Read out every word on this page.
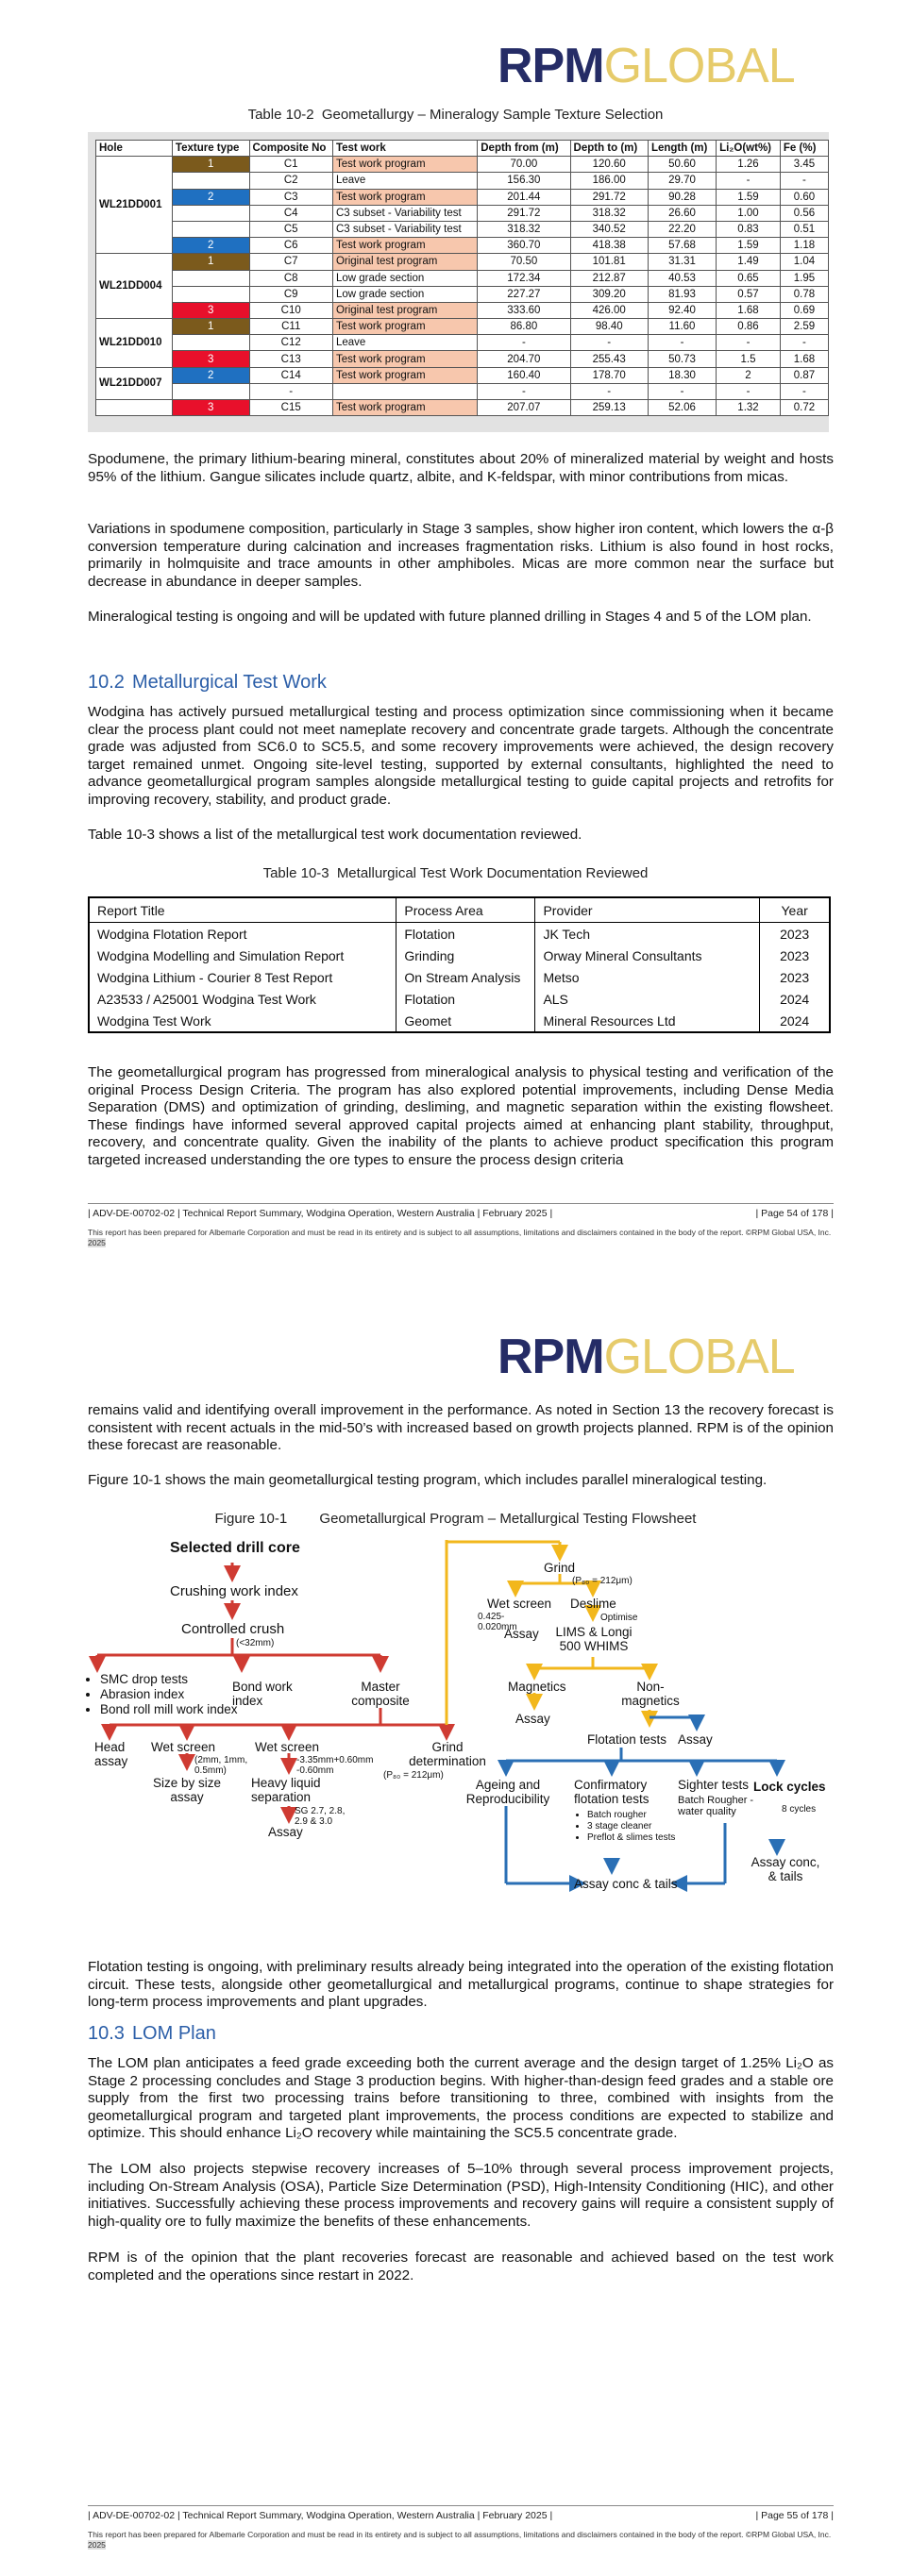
RPMGLOBAL
Table 10-2 Geometallurgy – Mineralogy Sample Texture Selection
Hole	Texture type	Composite No	Test work	Depth from (m)	Depth to (m)	Length (m)	Li₂O(wt%)	Fe (%)
WL21DD001	1	C1	Test work program	70.00	120.60	50.60	1.26	3.45
		C2	Leave	156.30	186.00	29.70	-	-
	2	C3	Test work program	201.44	291.72	90.28	1.59	0.60
		C4	C3 subset - Variability test	291.72	318.32	26.60	1.00	0.56
		C5	C3 subset - Variability test	318.32	340.52	22.20	0.83	0.51
	2	C6	Test work program	360.70	418.38	57.68	1.59	1.18
WL21DD004	1	C7	Original test program	70.50	101.81	31.31	1.49	1.04
		C8	Low grade section	172.34	212.87	40.53	0.65	1.95
		C9	Low grade section	227.27	309.20	81.93	0.57	0.78
	3	C10	Original test program	333.60	426.00	92.40	1.68	0.69
WL21DD010	1	C11	Test work program	86.80	98.40	11.60	0.86	2.59
		C12	Leave	-	-	-	-	-
	3	C13	Test work program	204.70	255.43	50.73	1.5	1.68
WL21DD007	2	C14	Test work program	160.40	178.70	18.30	2	0.87
		-		-	-	-	-	-
	3	C15	Test work program	207.07	259.13	52.06	1.32	0.72

Spodumene, the primary lithium-bearing mineral, constitutes about 20% of mineralized material by weight and hosts 95% of the lithium. Gangue silicates include quartz, albite, and K-feldspar, with minor contributions from micas.

Variations in spodumene composition, particularly in Stage 3 samples, show higher iron content, which lowers the α-β conversion temperature during calcination and increases fragmentation risks. Lithium is also found in host rocks, primarily in holmquisite and trace amounts in other amphiboles. Micas are more common near the surface but decrease in abundance in deeper samples.

Mineralogical testing is ongoing and will be updated with future planned drilling in Stages 4 and 5 of the LOM plan.

10.2 Metallurgical Test Work

Wodgina has actively pursued metallurgical testing and process optimization since commissioning when it became clear the process plant could not meet nameplate recovery and concentrate grade targets. Although the concentrate grade was adjusted from SC6.0 to SC5.5, and some recovery improvements were achieved, the design recovery target remained unmet. Ongoing site-level testing, supported by external consultants, highlighted the need to advance geometallurgical program samples alongside metallurgical testing to guide capital projects and retrofits for improving recovery, stability, and product grade.

Table 10-3 shows a list of the metallurgical test work documentation reviewed.

Table 10-3 Metallurgical Test Work Documentation Reviewed
Report Title	Process Area	Provider	Year
Wodgina Flotation Report	Flotation	JK Tech	2023
Wodgina Modelling and Simulation Report	Grinding	Orway Mineral Consultants	2023
Wodgina Lithium - Courier 8 Test Report	On Stream Analysis	Metso	2023
A23533 / A25001 Wodgina Test Work	Flotation	ALS	2024
Wodgina Test Work	Geomet	Mineral Resources Ltd	2024

The geometallurgical program has progressed from mineralogical analysis to physical testing and verification of the original Process Design Criteria. The program has also explored potential improvements, including Dense Media Separation (DMS) and optimization of grinding, desliming, and magnetic separation within the existing flowsheet. These findings have informed several approved capital projects aimed at enhancing plant stability, throughput, recovery, and concentrate quality. Given the inability of the plants to achieve product specification this program targeted increased understanding the ore types to ensure the process design criteria

| ADV-DE-00702-02 | Technical Report Summary, Wodgina Operation, Western Australia | February 2025 |	| Page 54 of 178 |
This report has been prepared for Albemarle Corporation and must be read in its entirety and is subject to all assumptions, limitations and disclaimers contained in the body of the report. ©RPM Global USA, Inc. 2025
RPMGLOBAL

remains valid and identifying overall improvement in the performance. As noted in Section 13 the recovery forecast is consistent with recent actuals in the mid-50’s with increased based on growth projects planned. RPM is of the opinion these forecast are reasonable.

Figure 10-1 shows the main geometallurgical testing program, which includes parallel mineralogical testing.

Figure 10-1 Geometallurgical Program – Metallurgical Testing Flowsheet
Selected drill core
Crushing work index
Controlled crush
(<32mm)
• SMC drop tests
• Abrasion index
• Bond roll mill work index
Bond work index
Master composite
Head assay
Wet screen
(2mm, 1mm, 0.5mm)
Size by size assay
Wet screen
-3.35mm+0.60mm -0.60mm
Heavy liquid separation
SG 2.7, 2.8, 2.9 & 3.0
Assay
Grind determination
(P₈₀ = 212μm)
Grind
(P₈₀ = 212μm)
Wet screen
0.425-0.020mm
Assay
Deslime
Optimise
LIMS & Longi 500 WHIMS
Magnetics	Non-magnetics
Assay
Flotation tests Assay
Ageing and Reproducibility
Confirmatory flotation tests
• Batch rougher
• 3 stage cleaner
• Preflot & slimes tests
Sighter tests
Batch Rougher - water quality
Lock cycles
8 cycles
Assay conc, & tails
Assay conc & tails

Flotation testing is ongoing, with preliminary results already being integrated into the operation of the existing flotation circuit. These tests, alongside other geometallurgical and metallurgical programs, continue to shape strategies for long-term process improvements and plant upgrades.

10.3 LOM Plan

The LOM plan anticipates a feed grade exceeding both the current average and the design target of 1.25% Li₂O as Stage 2 processing concludes and Stage 3 production begins. With higher-than-design feed grades and a stable ore supply from the first two processing trains before transitioning to three, combined with insights from the geometallurgical program and targeted plant improvements, the process conditions are expected to stabilize and optimize. This should enhance Li₂O recovery while maintaining the SC5.5 concentrate grade.

The LOM also projects stepwise recovery increases of 5–10% through several process improvement projects, including On-Stream Analysis (OSA), Particle Size Determination (PSD), High-Intensity Conditioning (HIC), and other initiatives. Successfully achieving these process improvements and recovery gains will require a consistent supply of high-quality ore to fully maximize the benefits of these enhancements.

RPM is of the opinion that the plant recoveries forecast are reasonable and achieved based on the test work completed and the operations since restart in 2022.

| ADV-DE-00702-02 | Technical Report Summary, Wodgina Operation, Western Australia | February 2025 |	| Page 55 of 178 |
This report has been prepared for Albemarle Corporation and must be read in its entirety and is subject to all assumptions, limitations and disclaimers contained in the body of the report. ©RPM Global USA, Inc. 2025
